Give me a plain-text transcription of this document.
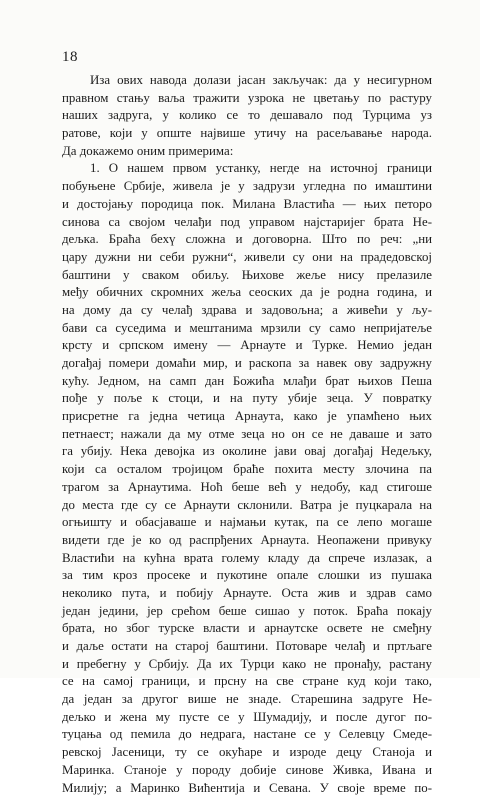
18
Иза ових навода долази јасан закључак: да у несигурном
правном стању ваља тражити узрока не цветању по растуру
наших задруга, у колико се то дешавало под Турцима уз
ратове, који у опште највише утичу на расељавање народа.
Да докажемо оним примерима:
1. О нашем првом устанку, негде на источној граници
побуњене Србије, живела је у задрузи угледна по имаштини
и достојању породица пок. Милана Властића — њих петоро
синова са својом челађи под управом најстаријег брата Не-
дељка. Браћа бехү сложна и договорна. Што по реч: „ни
цару дужни ни себи ружни“, живели су они на прадедовској
баштини у сваком обиљу. Њихове жеље нису прелазиле
међу обичних скромних жеља сеоских да је родна година, и
на дому да су челађ здрава и задовољна; а живећи у љу-
бави са суседима и мештанима мрзили су само непријатеље
крсту и српском имену — Арнауте и Турке. Немио један
догађај помери домаћи мир, и раскопа за навек ову задружну
кућу. Једном, на самп дан Божића млађи брат њихов Пешa
пође у поље к стоци, и на путу убије зеца. У повратку
присретне га једна четица Арнаута, како је упамћено њих
петнаест; нажали да му отме зеца но он се не даваше и зато
га убију. Нека девојка из околине јави овај догађај Недељку,
који са осталом тројицом браће похита месту злочина па
трагом за Арнаутима. Ноћ беше већ у недобу, кад стигоше
до места где су се Арнаути склонили. Ватра је пуцкарала на
огњишту и обасјаваше и најмањи кутак, па се лепо могаше
видети где је ко од распрђених Арнаута. Неопажени привуку
Властићи на кућна врата голему кладу да спрече излазак, а
за тим кроз просеке и пукотине опале слошки из пушака
неколико пута, и побију Арнауте. Оста жив и здрав само
један једини, јер срећом беше сишао у поток. Браћа покају
брата, но због турске власти и арнаутске освете не смеђну
и даље остати на старој баштини. Потоваре челађ и пртљаге
и пребегну у Србију. Да их Турци како не пронађу, растану
се на самој граници, и прсну на све стране куд који тако,
да један за другог више не знаде. Старешина задруге Не-
дељко и жена му пусте се у Шумадију, и после дугог по-
туцања од пемила до недрага, настане се у Селевцу Смеде-
ревској Јасеници, ту се окућаре и изроде децу Станоја и
Маринка. Станоје у породу добије синове Живка, Ивана и
Милију; а Маринко Вићентија и Севана. У своје време по-
